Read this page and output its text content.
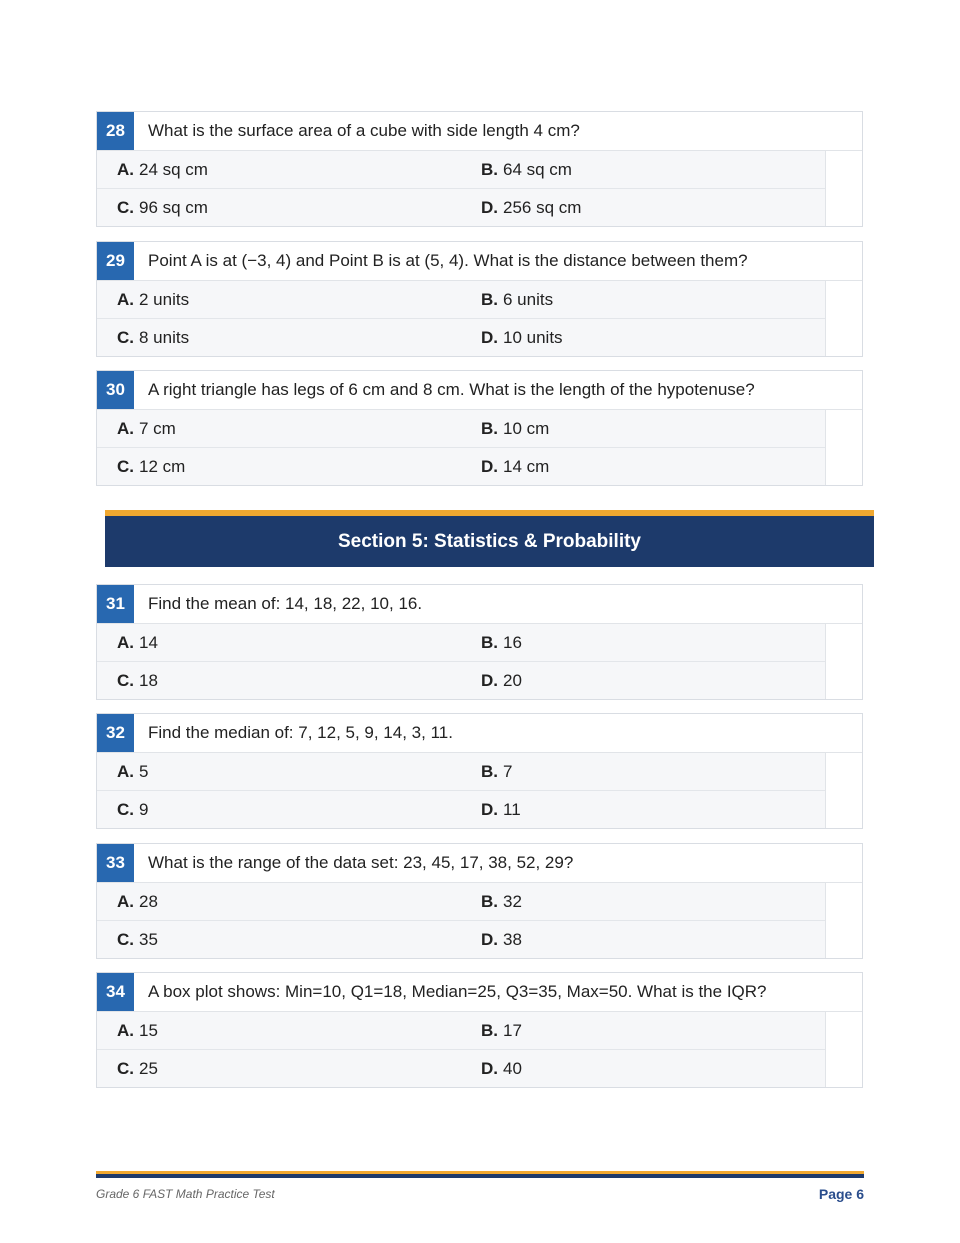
28	What is the surface area of a cube with side length 4 cm?
A. 24 sq cm	B. 64 sq cm
C. 96 sq cm	D. 256 sq cm
29	Point A is at (−3, 4) and Point B is at (5, 4). What is the distance between them?
A. 2 units	B. 6 units
C. 8 units	D. 10 units
30	A right triangle has legs of 6 cm and 8 cm. What is the length of the hypotenuse?
A. 7 cm	B. 10 cm
C. 12 cm	D. 14 cm
Section 5: Statistics & Probability
31	Find the mean of: 14, 18, 22, 10, 16.
A. 14	B. 16
C. 18	D. 20
32	Find the median of: 7, 12, 5, 9, 14, 3, 11.
A. 5	B. 7
C. 9	D. 11
33	What is the range of the data set: 23, 45, 17, 38, 52, 29?
A. 28	B. 32
C. 35	D. 38
34	A box plot shows: Min=10, Q1=18, Median=25, Q3=35, Max=50. What is the IQR?
A. 15	B. 17
C. 25	D. 40
Grade 6 FAST Math Practice Test	Page 6
